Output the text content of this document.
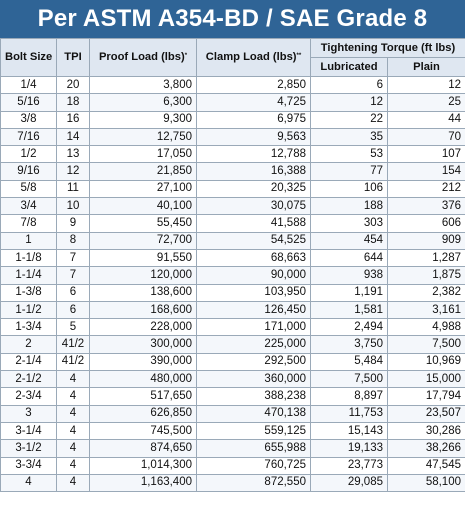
Per ASTM A354-BD / SAE Grade 8
Bolt Size	TPI	Proof Load (lbs)*	Clamp Load (lbs)**	Tightening Torque (ft lbs)	
				Lubricated	Plain
1/4	20	3,800	2,850	6	12
5/16	18	6,300	4,725	12	25
3/8	16	9,300	6,975	22	44
7/16	14	12,750	9,563	35	70
1/2	13	17,050	12,788	53	107
9/16	12	21,850	16,388	77	154
5/8	11	27,100	20,325	106	212
3/4	10	40,100	30,075	188	376
7/8	9	55,450	41,588	303	606
1	8	72,700	54,525	454	909
1-1/8	7	91,550	68,663	644	1,287
1-1/4	7	120,000	90,000	938	1,875
1-3/8	6	138,600	103,950	1,191	2,382
1-1/2	6	168,600	126,450	1,581	3,161
1-3/4	5	228,000	171,000	2,494	4,988
2	41/2	300,000	225,000	3,750	7,500
2-1/4	41/2	390,000	292,500	5,484	10,969
2-1/2	4	480,000	360,000	7,500	15,000
2-3/4	4	517,650	388,238	8,897	17,794
3	4	626,850	470,138	11,753	23,507
3-1/4	4	745,500	559,125	15,143	30,286
3-1/2	4	874,650	655,988	19,133	38,266
3-3/4	4	1,014,300	760,725	23,773	47,545
4	4	1,163,400	872,550	29,085	58,100
